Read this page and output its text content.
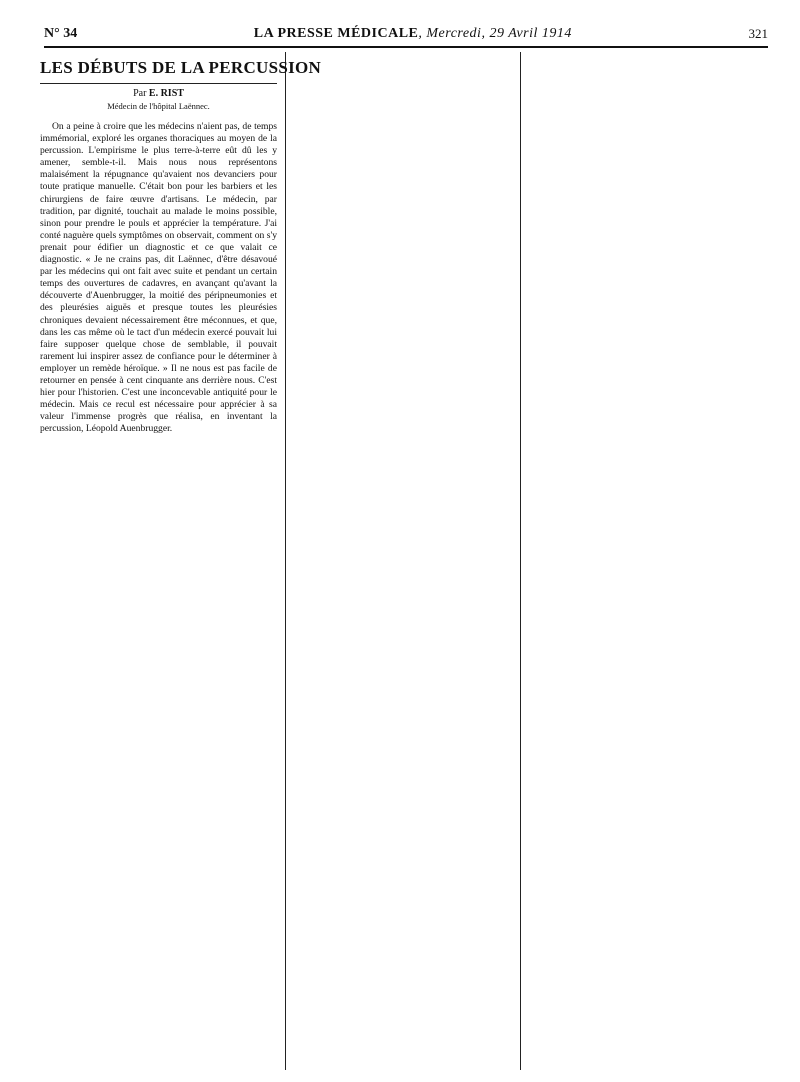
N° 34	LA PRESSE MÉDICALE, Mercredi, 29 Avril 1914	321
LES DÉBUTS DE LA PERCUSSION
Par E. RIST
Médecin de l'hôpital Laënnec.

On a peine à croire que les médecins n'aient pas, de temps immémorial, exploré les organes thoraciques au moyen de la percussion. L'empirisme le plus terre-à-terre eût dû les y amener, semble-t-il. Mais nous nous représentons malaisément la répugnance qu'avaient nos devanciers pour toute pratique manuelle. C'était bon pour les barbiers et les chirurgiens de faire œuvre d'artisans. Le médecin, par tradition, par dignité, touchait au malade le moins possible, sinon pour prendre le pouls et apprécier la température. J'ai conté naguère quels symptômes on observait, comment on s'y prenait pour édifier un diagnostic et ce que valait ce diagnostic. « Je ne crains pas, dit Laënnec, d'être désavoué par les médecins qui ont fait avec suite et pendant un certain temps des ouvertures de cadavres, en avançant qu'avant la découverte d'Auenbrugger, la moitié des péripneumonies et des pleurésies aiguës et presque toutes les pleurésies chroniques devaient nécessairement être méconnues, et que, dans les cas même où le tact d'un médecin exercé pouvait lui faire supposer quelque chose de semblable, il pouvait rarement lui inspirer assez de confiance pour le déterminer à employer un remède héroïque. » Il ne nous est pas facile de retourner en pensée à cent cinquante ans derrière nous. C'est hier pour l'historien. C'est une inconcevable antiquité pour le médecin. Mais ce recul est nécessaire pour apprécier à sa valeur l'immense progrès que réalisa, en inventant la percussion, Léopold Auenbrugger.
